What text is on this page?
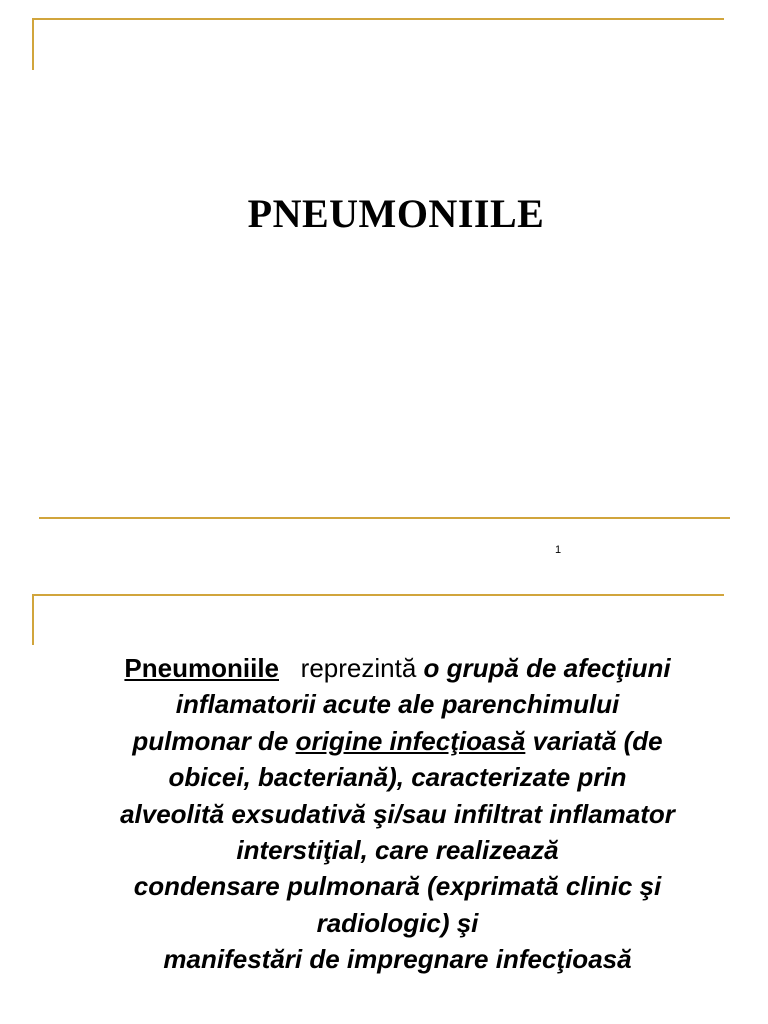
PNEUMONIILE
1
Pneumoniile reprezintă o grupă de afecţiuni
inflamatorii acute ale parenchimului
pulmonar de origine infecţioasă variată (de
obicei, bacteriană), caracterizate prin
alveolită exsudativă şi/sau infiltrat inflamator
interstiţial, care realizează
condensare pulmonară (exprimată clinic şi
radiologic) şi
manifestări de impregnare infecţioasă
